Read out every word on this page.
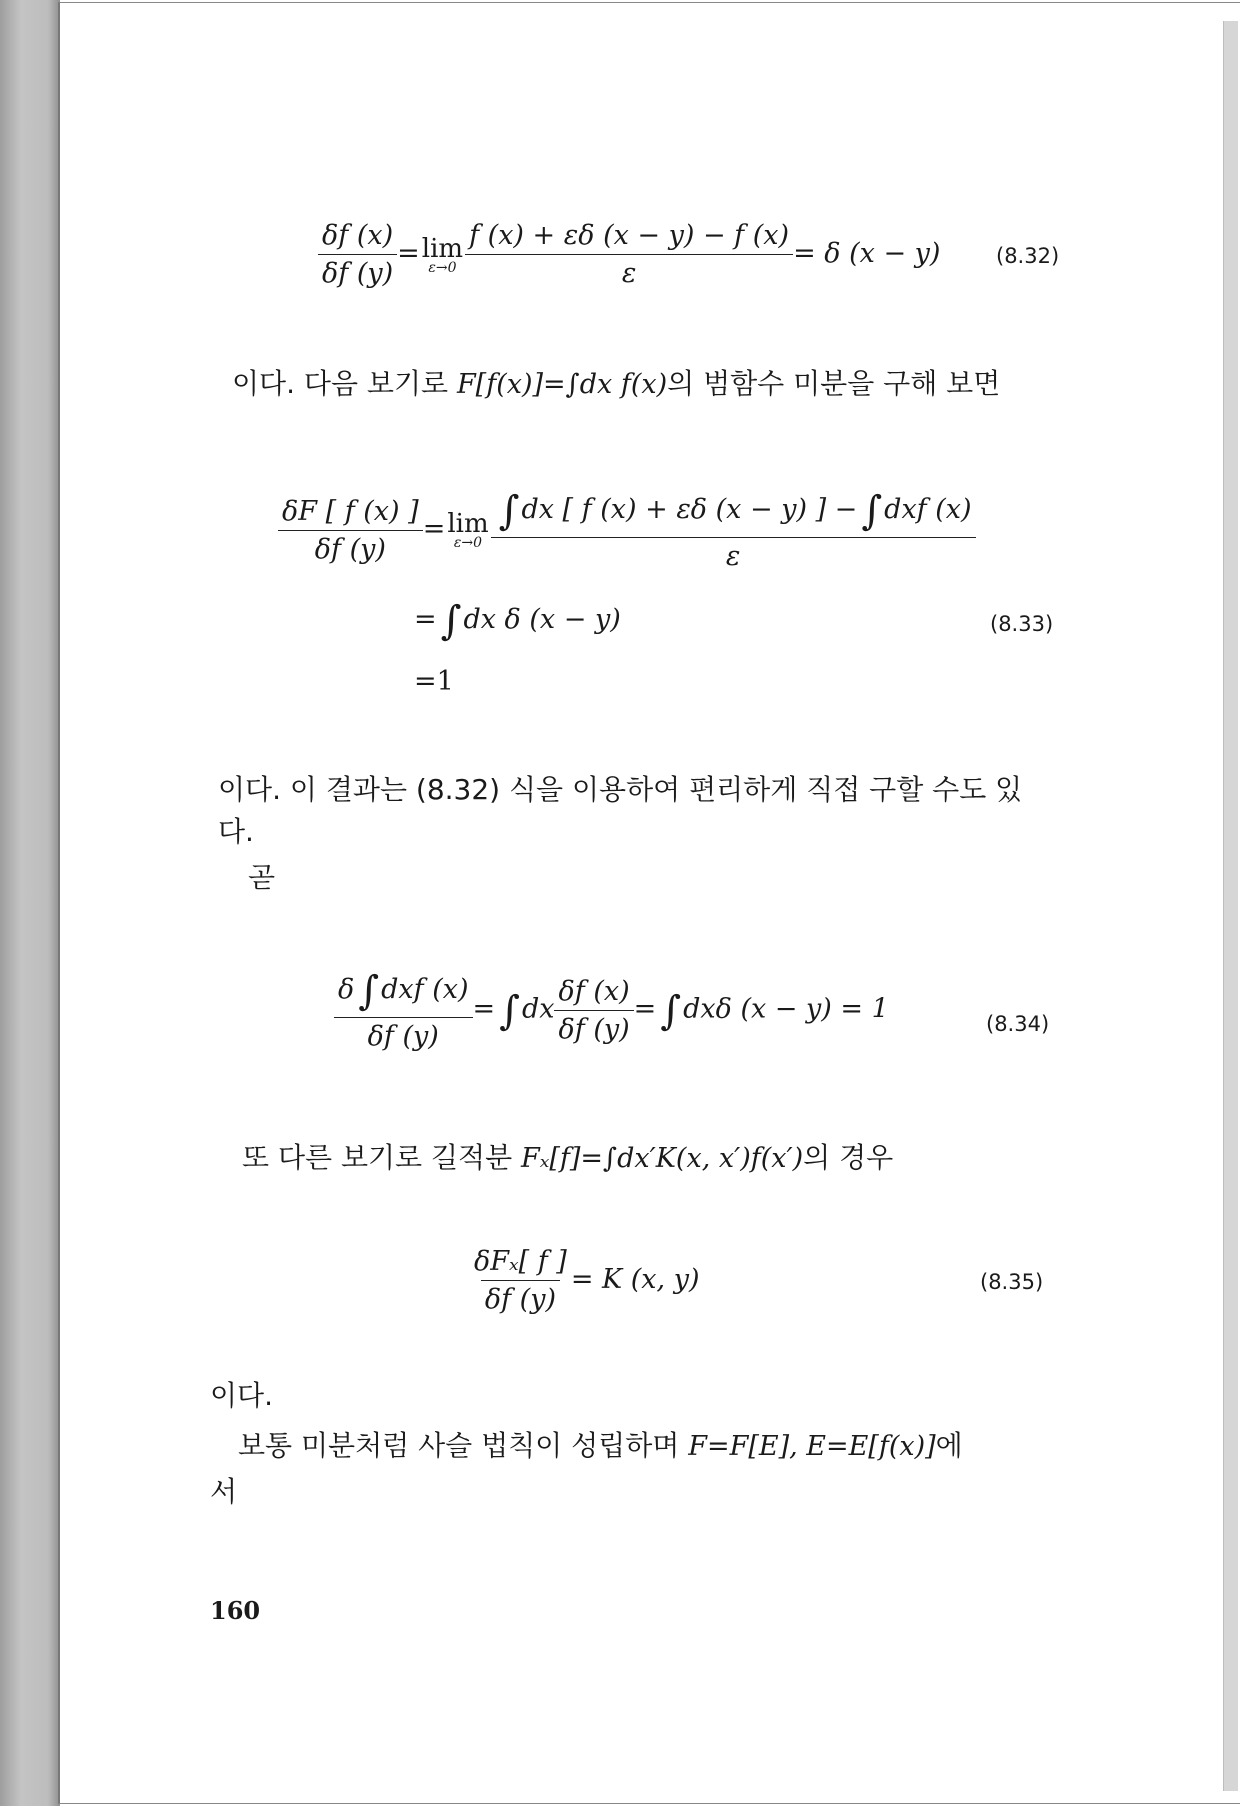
$\frac{\delta f (x)}{\delta f (y)} = \lim$
$\varepsilon\to 0 \frac{f (x) + \varepsilon\delta (x - y) - f (x)}{\varepsilon} = \delta$ (x − y)	(8.32)
이다. 다음 보기로 F[f(x)]=∫dx f(x)의 범함수 미분을 구해 보면
$\frac{\delta F [ f (x) ]}{\delta f (y)} = \lim$
$\varepsilon\to 0 \frac{\text{∫dx [ f (x) + εδ (x − y) ] − ∫dxf (x)}}{\varepsilon}$
= ∫dx δ (x − y)
=1
(8.33)
이다. 이 결과는 (8.32) 식을 이용하여 편리하게 직접 구할 수도 있
다.
곧
$\frac{\text{δ ∫dxf (x)}}{\delta f (y)} = \int dx \frac{\delta f (x)}{\delta f (y)} = \int dx\delta$ (x − y) = 1	(8.34)
또 다른 보기로 길적분 Fₓ[f]=∫dx′K(x, x′)f(x′)의 경우
$\frac{\text{δFₓ[ f ]}}{\delta f (y)} = K$ (x, y)	(8.35)
이다.
보통 미분처럼 사슬 법칙이 성립하며 F=F[E], E=E[f(x)]에
서
160
